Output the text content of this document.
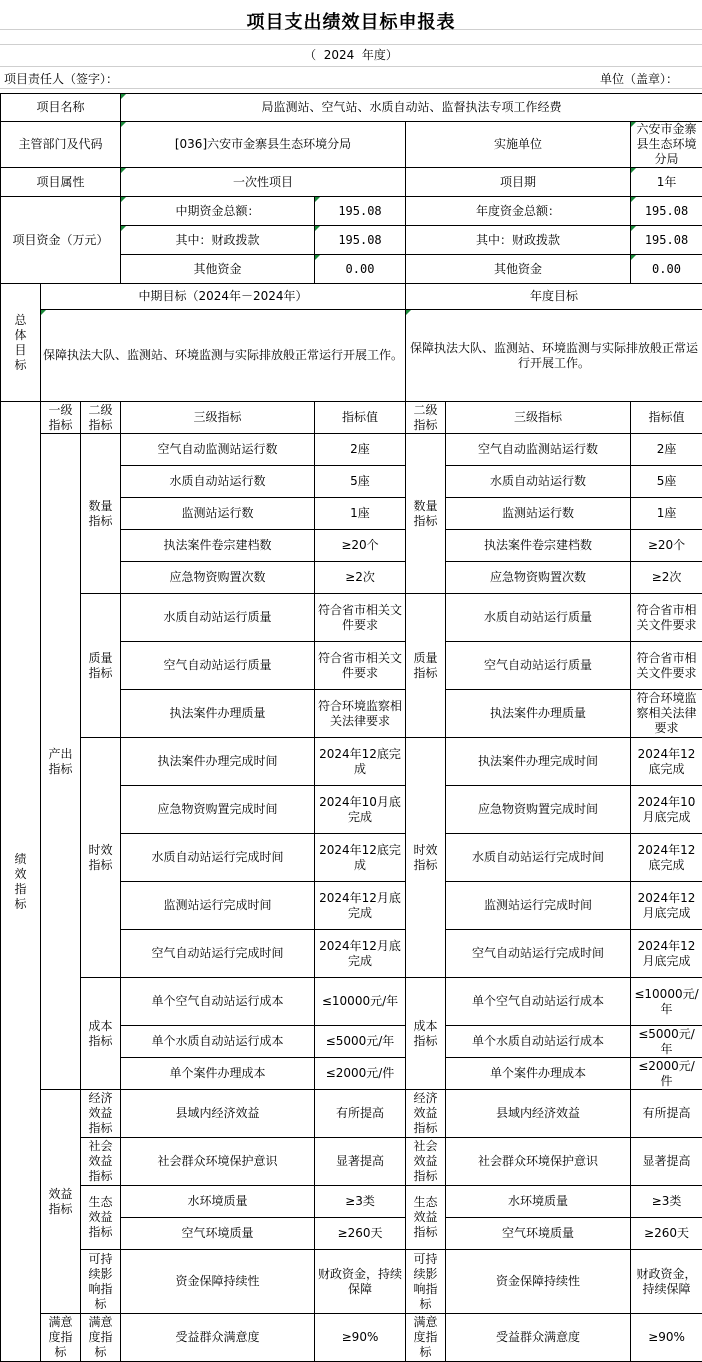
项目支出绩效目标申报表
（  2024  年度）
项目责任人（签字）：	单位（盖章）：
项目名称			局监测站、空气站、水质自动站、监督执法专项工作经费				
主管部门及代码			[036]六安市金寨县生态环境分局		实施单位		六安市金寨县生态环境分局
项目属性			一次性项目		项目期		1年
项目资金（万元）			中期资金总额：	195.08	年度资金总额：		195.08
			其中：财政拨款	195.08	其中：财政拨款		195.08
			其他资金	0.00	其他资金		0.00
总体目标	中期目标（2024年－2024年）				年度目标		
	保障执法大队、监测站、环境监测与实际排放般正常运行开展工作。				保障执法大队、监测站、环境监测与实际排放般正常运行开展工作。		
绩效指标	一级指标	二级指标	三级指标	指标值	二级指标	三级指标	指标值
	产出指标	数量指标	空气自动监测站运行数	2座	数量指标	空气自动监测站运行数	2座
			水质自动站运行数	5座		水质自动站运行数	5座
			监测站运行数	1座		监测站运行数	1座
			执法案件卷宗建档数	≥20个		执法案件卷宗建档数	≥20个
			应急物资购置次数	≥2次		应急物资购置次数	≥2次
		质量指标	水质自动站运行质量	符合省市相关文件要求	质量指标	水质自动站运行质量	符合省市相关文件要求
			空气自动站运行质量	符合省市相关文件要求		空气自动站运行质量	符合省市相关文件要求
			执法案件办理质量	符合环境监察相关法律要求		执法案件办理质量	符合环境监察相关法律要求
		时效指标	执法案件办理完成时间	2024年12底完成	时效指标	执法案件办理完成时间	2024年12底完成
			应急物资购置完成时间	2024年10月底完成		应急物资购置完成时间	2024年10月底完成
			水质自动站运行完成时间	2024年12底完成		水质自动站运行完成时间	2024年12底完成
			监测站运行完成时间	2024年12月底完成		监测站运行完成时间	2024年12月底完成
			空气自动站运行完成时间	2024年12月底完成		空气自动站运行完成时间	2024年12月底完成
		成本指标	单个空气自动站运行成本	≤10000元/年	成本指标	单个空气自动站运行成本	≤10000元/年
			单个水质自动站运行成本	≤5000元/年		单个水质自动站运行成本	≤5000元/年
			单个案件办理成本	≤2000元/件		单个案件办理成本	≤2000元/件
	效益指标	经济效益指标	县域内经济效益	有所提高	经济效益指标	县域内经济效益	有所提高
		社会效益指标	社会群众环境保护意识	显著提高	社会效益指标	社会群众环境保护意识	显著提高
		生态效益指标	水环境质量	≥3类	生态效益指标	水环境质量	≥3类
			空气环境质量	≥260天		空气环境质量	≥260天
		可持续影响指标	资金保障持续性	财政资金，持续保障	可持续影响指标	资金保障持续性	财政资金，持续保障
	满意度指标	满意度指标	受益群众满意度	≥90%	满意度指标	受益群众满意度	≥90%
